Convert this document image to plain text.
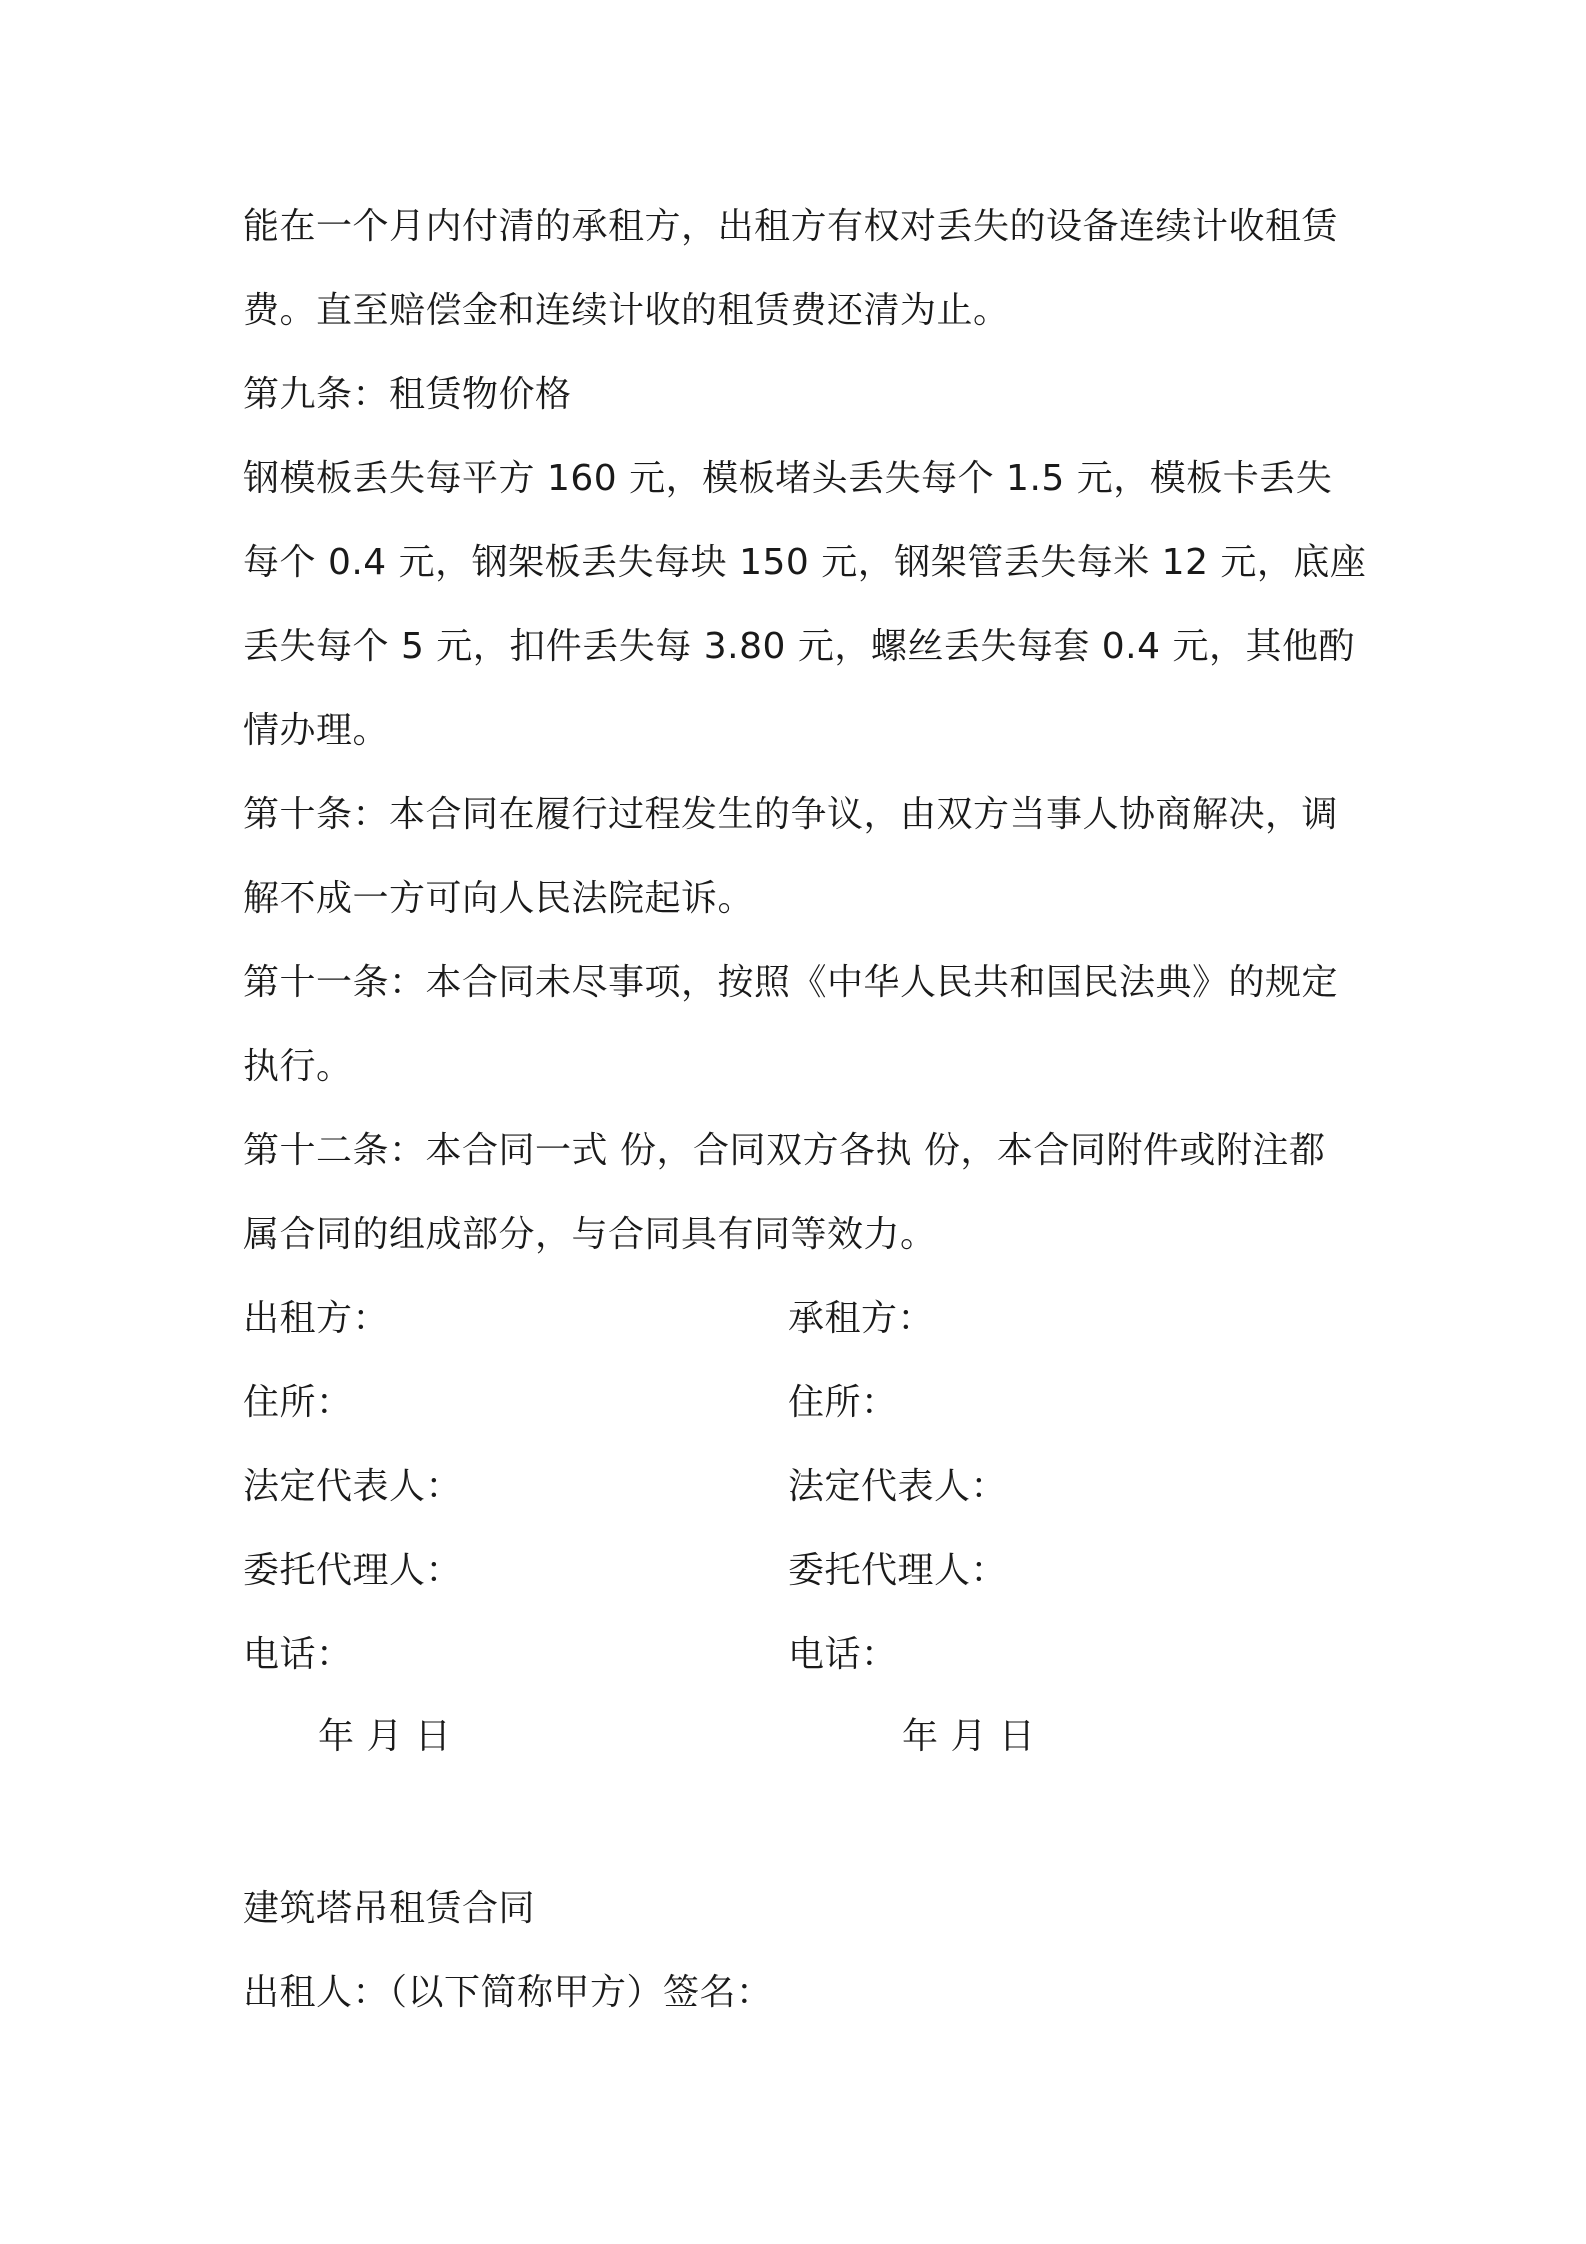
能在一个月内付清的承租方，出租方有权对丢失的设备连续计收租赁
费。直至赔偿金和连续计收的租赁费还清为止。
第九条：租赁物价格
钢模板丢失每平方 160 元，模板堵头丢失每个 1.5 元，模板卡丢失
每个 0.4 元，钢架板丢失每块 150 元，钢架管丢失每米 12 元，底座
丢失每个 5 元，扣件丢失每 3.80 元，螺丝丢失每套 0.4 元，其他酌
情办理。
第十条：本合同在履行过程发生的争议，由双方当事人协商解决，调
解不成一方可向人民法院起诉。
第十一条：本合同未尽事项，按照《中华人民共和国民法典》的规定
执行。
第十二条：本合同一式 份，合同双方各执 份，本合同附件或附注都
属合同的组成部分，与合同具有同等效力。
出租方：	承租方：
住所：	住所：
法定代表人：	法定代表人：
委托代理人：	委托代理人：
电话：	电话：
年 月 日	年 月 日
建筑塔吊租赁合同
出租人：（以下简称甲方）签名：
